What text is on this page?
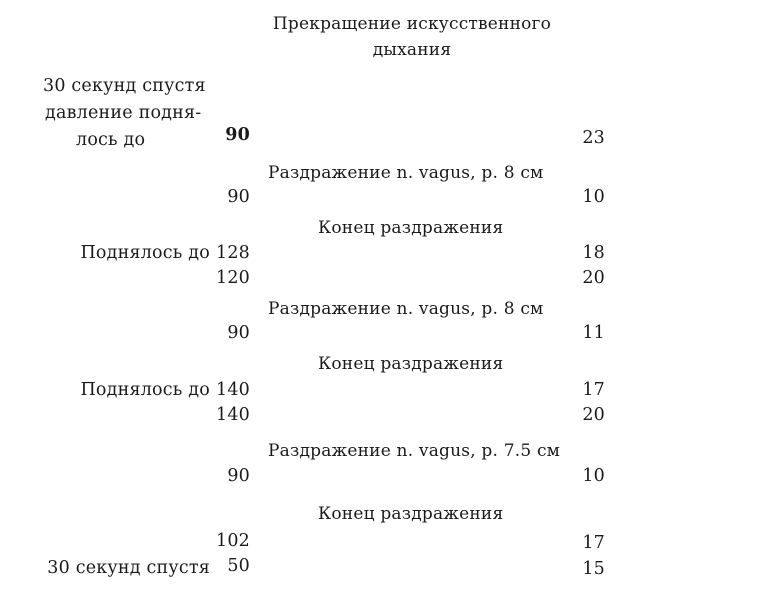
Прекращение искусственного
дыхания
30 секунд спустя
давление подня-
лось до	90	23
Раздражение n. vagus, р. 8 см
90	10
Конец раздражения
Поднялось до 128	18
120	20
Раздражение n. vagus, р. 8 см
90	11
Конец раздражения
Поднялось до 140	17
140	20
Раздражение n. vagus, р. 7.5 см
90	10
Конец раздражения
102	17
30 секунд спустя 50	15
